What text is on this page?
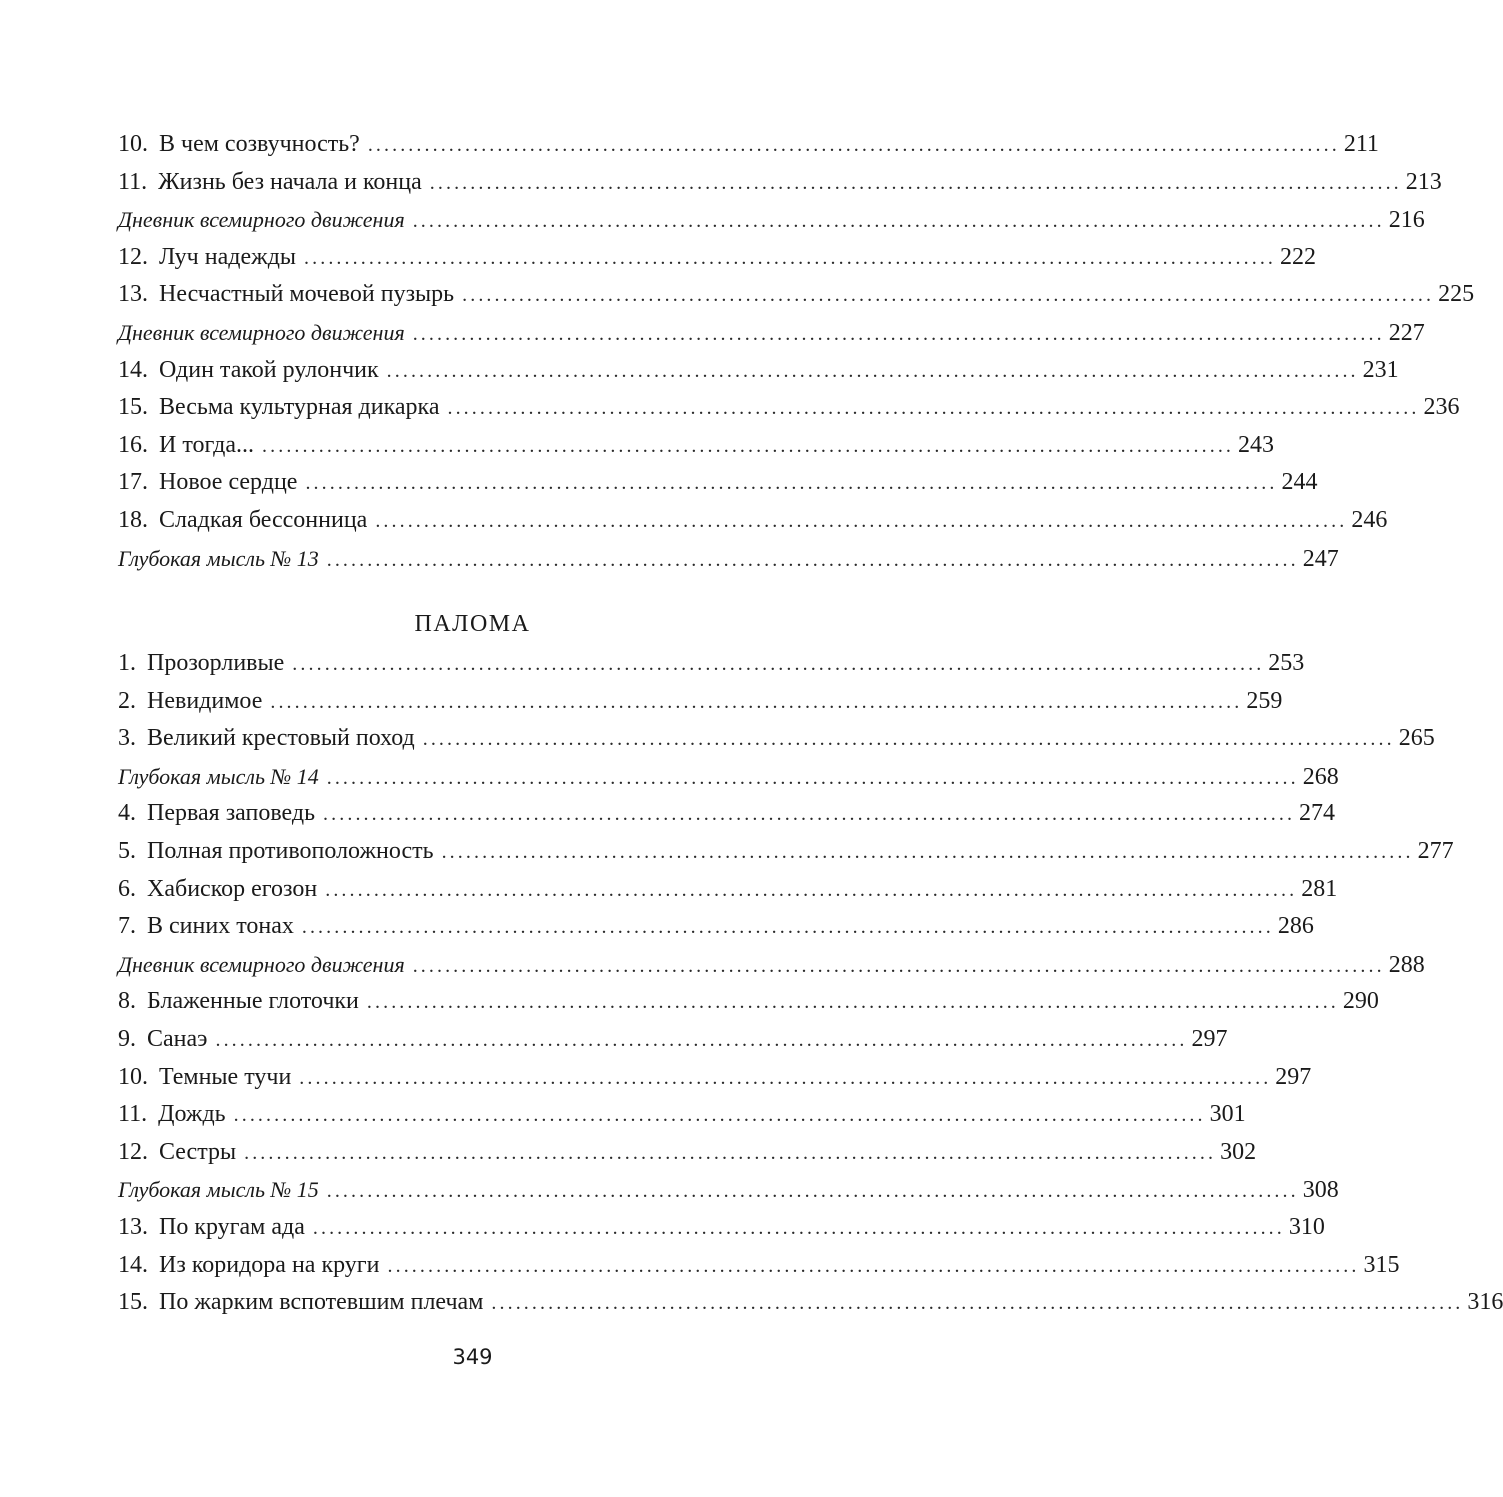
10. В чем созвучность? ........................................................................................................................ 211
11. Жизнь без начала и конца ........................................................................................................................ 213
Дневник всемирного движения ........................................................................................................................ 216
12. Луч надежды ........................................................................................................................ 222
13. Несчастный мочевой пузырь ........................................................................................................................ 225
Дневник всемирного движения ........................................................................................................................ 227
14. Один такой рулончик ........................................................................................................................ 231
15. Весьма культурная дикарка ........................................................................................................................ 236
16. И тогда... ........................................................................................................................ 243
17. Новое сердце ........................................................................................................................ 244
18. Сладкая бессонница ........................................................................................................................ 246
Глубокая мысль № 13 ........................................................................................................................ 247
ПАЛОМА
1. Прозорливые ........................................................................................................................ 253
2. Невидимое ........................................................................................................................ 259
3. Великий крестовый поход ........................................................................................................................ 265
Глубокая мысль № 14 ........................................................................................................................ 268
4. Первая заповедь ........................................................................................................................ 274
5. Полная противоположность ........................................................................................................................ 277
6. Хабискор егозон ........................................................................................................................ 281
7. В синих тонах ........................................................................................................................ 286
Дневник всемирного движения ........................................................................................................................ 288
8. Блаженные глоточки ........................................................................................................................ 290
9. Санаэ ........................................................................................................................ 297
10. Темные тучи ........................................................................................................................ 297
11. Дождь ........................................................................................................................ 301
12. Сестры ........................................................................................................................ 302
Глубокая мысль № 15 ........................................................................................................................ 308
13. По кругам ада ........................................................................................................................ 310
14. Из коридора на круги ........................................................................................................................ 315
15. По жарким вспотевшим плечам ........................................................................................................................ 316
349
